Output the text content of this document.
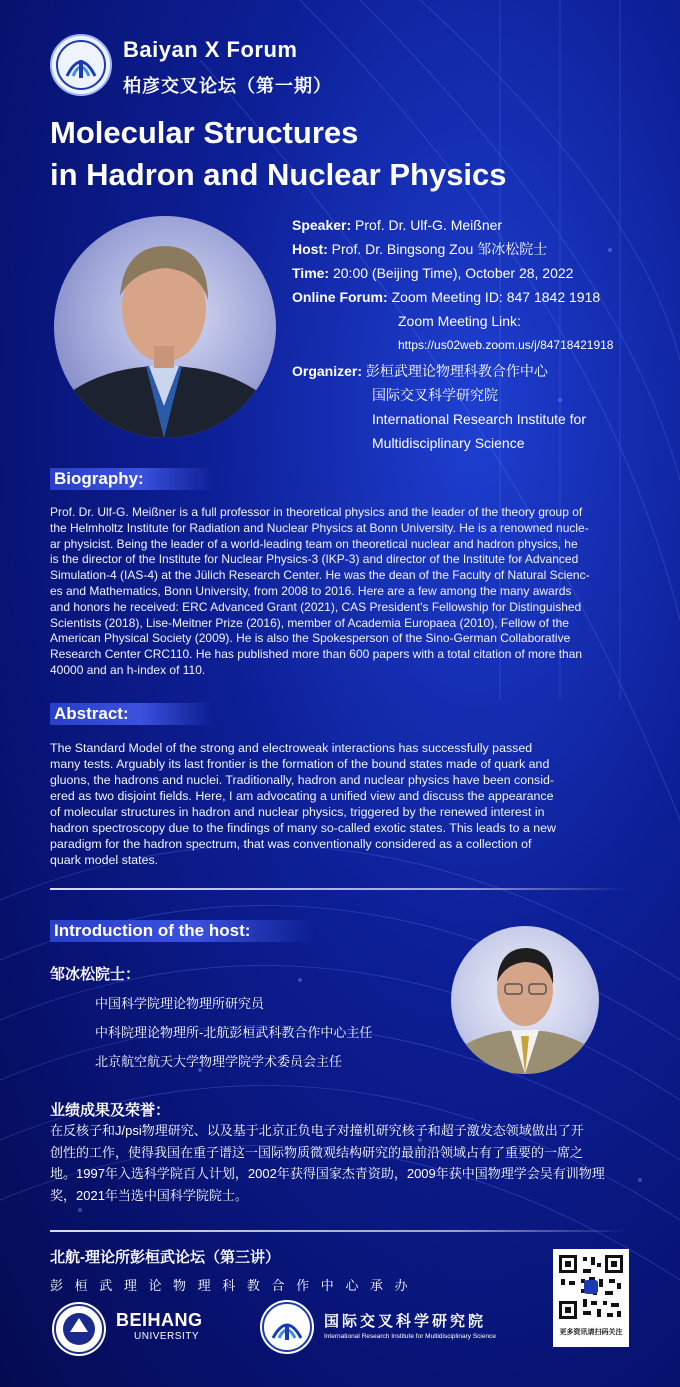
Baiyan X Forum
柏彦交叉论坛（第一期）
Molecular Structures
in Hadron and Nuclear Physics
Speaker: Prof. Dr. Ulf-G. Meißner
Host: Prof. Dr. Bingsong Zou 邹冰松院士
Time: 20:00 (Beijing Time), October 28, 2022
Online Forum: Zoom Meeting ID: 847 1842 1918
Zoom Meeting Link:
https://us02web.zoom.us/j/84718421918
Organizer: 彭桓武理论物理科教合作中心
国际交叉科学研究院
International Research Institute for
Multidisciplinary Science
Biography:
Prof. Dr. Ulf-G. Meißner is a full professor in theoretical physics and the leader of the theory group of
the Helmholtz Institute for Radiation and Nuclear Physics at Bonn University. He is a renowned nucle-
ar physicist. Being the leader of a world-leading team on theoretical nuclear and hadron physics, he
is the director of the Institute for Nuclear Physics-3 (IKP-3) and director of the Institute for Advanced
Simulation-4 (IAS-4) at the Jülich Research Center. He was the dean of the Faculty of Natural Scienc-
es and Mathematics, Bonn University, from 2008 to 2016. Here are a few among the many awards
and honors he received: ERC Advanced Grant (2021), CAS President's Fellowship for Distinguished
Scientists (2018), Lise-Meitner Prize (2016), member of Academia Europaea (2010), Fellow of the
American Physical Society (2009). He is also the Spokesperson of the Sino-German Collaborative
Research Center CRC110. He has published more than 600 papers with a total citation of more than
40000 and an h-index of 110.
Abstract:
The Standard Model of the strong and electroweak interactions has successfully passed
many tests. Arguably its last frontier is the formation of the bound states made of quark and
gluons, the hadrons and nuclei. Traditionally, hadron and nuclear physics have been consid-
ered as two disjoint fields. Here, I am advocating a unified view and discuss the appearance
of molecular structures in hadron and nuclear physics, triggered by the renewed interest in
hadron spectroscopy due to the findings of many so-called exotic states. This leads to a new
paradigm for the hadron spectrum, that was conventionally considered as a collection of
quark model states.
Introduction of the host:
邹冰松院士：
中国科学院理论物理所研究员
中科院理论物理所-北航彭桓武科教合作中心主任
北京航空航天大学物理学院学术委员会主任
业绩成果及荣誉：
在反核子和J/psi物理研究、以及基于北京正负电子对撞机研究核子和超子激发态领域做出了开
创性的工作，使得我国在重子谱这一国际物质微观结构研究的最前沿领域占有了重要的一席之
地。1997年入选科学院百人计划，2002年获得国家杰青资助，2009年获中国物理学会吴有训物理
奖，2021年当选中国科学院院士。
北航-理论所彭桓武论坛（第三讲）
彭 桓 武 理 论 物 理 科 教 合 作 中 心 承 办
BEIHANG
UNIVERSITY
国际交叉科学研究院
International Research Institute for Multidisciplinary Science
更多资讯请扫码关注
